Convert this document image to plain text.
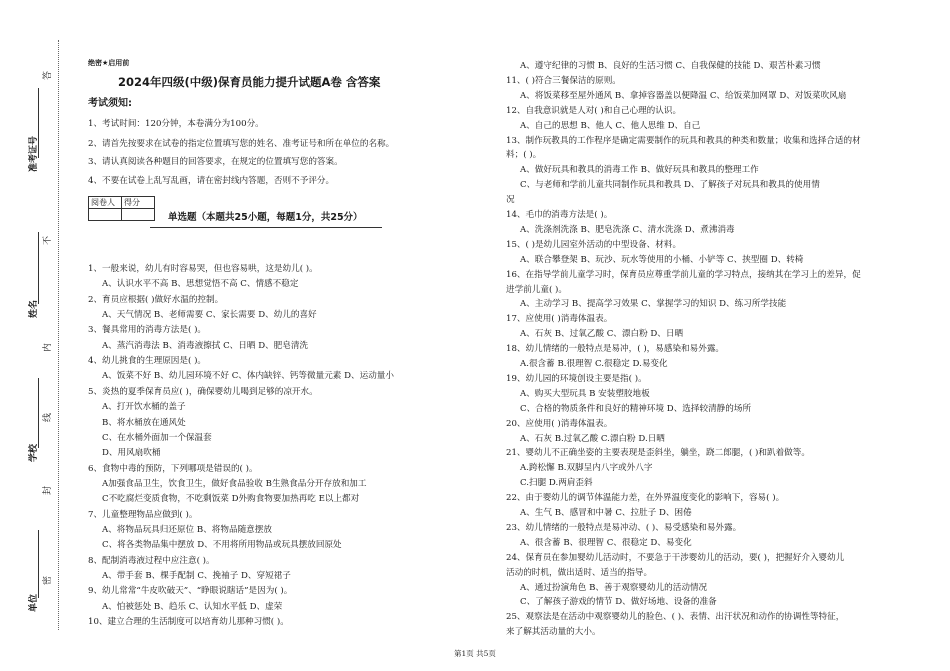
答
不
内
线
封
密
准考证号
姓名
学校
单位
绝密★启用前
2024年四级(中级)保育员能力提升试题A卷 含答案
考试须知:
1、考试时间：120分钟，本卷满分为100分。
2、请首先按要求在试卷的指定位置填写您的姓名、准考证号和所在单位的名称。
3、请认真阅读各种题目的回答要求，在规定的位置填写您的答案。
4、不要在试卷上乱写乱画，请在密封线内答题，否则不予评分。
阅卷人	得分

单选题（本题共25小题，每题1分，共25分）
1、一般来说，幼儿有时容易哭，但也容易哄，这是幼儿( )。
A、认识水平不高 B、思想觉悟不高 C、情感不稳定
2、育员应根据( )做好水温的控制。
A、天气情况 B、老师需要 C、家长需要 D、幼儿的喜好
3、餐具常用的消毒方法是( )。
A、蒸汽消毒法 B、消毒液擦拭 C、日晒 D、肥皂清洗
4、幼儿挑食的生理原因是( )。
A、饭菜不好 B、幼儿园环境不好 C、体内缺锌、钙等微量元素 D、运动量小
5、炎热的夏季保育员应( )，确保婴幼儿喝到足够的凉开水。
A、打开饮水桶的盖子
B、将水桶放在通风处
C、在水桶外面加一个保温套
D、用风扇吹桶
6、食物中毒的预防，下列哪项是错误的( )。
A加强食品卫生，饮食卫生，做好食品验收 B生熟食品分开存放和加工
C不吃腐烂变质食物，不吃剩饭菜 D外购食物要加热再吃 E以上都对
7、儿童整理物品应做到( )。
A、将物品玩具归还原位 B、将物品随意摆放
C、将各类物品集中摆放 D、不用将所用物品或玩具摆放回原处
8、配制消毒液过程中应注意( )。
A、带手套 B、棵手配制 C、挽袖子 D、穿短裙子
9、幼儿常常“牛皮吹破天”、“睁眼说瞎话”是因为( )。
A、怕被惩处 B、趋乐 C、认知水平低 D、虚荣
10、建立合理的生活制度可以培育幼儿那种习惯( )。
A、遵守纪律的习惯 B、良好的生活习惯 C、自我保健的技能 D、艰苦朴素习惯
11、( )符合三餐保洁的原则。
A、将饭菜移至屋外通风 B、拿掉容器盖以便降温 C、给饭菜加网罩 D、对饭菜吹风扇
12、自我意识就是人对( )和自己心理的认识。
A、自己的思想 B、他人 C、他人思维 D、自己
13、制作玩教具的工作程序是确定需要制作的玩具和教具的种类和数量；收集和选择合适的材
料；( )。
A、做好玩具和教具的消毒工作 B、做好玩具和教具的整理工作
C、与老师和学前儿童共同制作玩具和教具 D、了解孩子对玩具和教具的使用情
况
14、毛巾的消毒方法是( )。
A、洗涤剂洗涤 B、肥皂洗涤 C、清水洗涤 D、煮沸消毒
15、( )是幼儿园室外活动的中型设备、材料。
A、联合攀登架 B、玩沙、玩水等使用的小桶、小铲等 C、挟型圈 D、转椅
16、在指导学前儿童学习时，保育员应尊重学前儿童的学习特点，接纳其在学习上的差异，促
进学前儿童( )。
A、主动学习 B、提高学习效果 C、掌握学习的知识 D、练习所学技能
17、应使用( )消毒体温表。
A、石灰 B、过氧乙酸 C、漂白粉 D、日晒
18、幼儿情绪的一般特点是易冲，( )，易感染和易外露。
A.很含蓄 B.很理智 C.很稳定 D.易变化
19、幼儿园的环境创设主要是指( )。
A、购买大型玩具 B 安装塑胶地板
C、合格的物质条件和良好的精神环境 D、选择较清静的场所
20、应使用( )消毒体温表。
A、石灰 B.过氧乙酸 C.漂白粉 D.日晒
21、婴幼儿不正确坐姿的主要表现是歪斜坐，躺坐，跷二郎腿，( )和趴着做等。
A.跨松懈 B.双脚呈内八字或外八字
C.扫腿 D.两肩歪斜
22、由于婴幼儿的调节体温能力差，在外界温度变化的影响下，容易( )。
A、生气 B、感冒和中暑 C、拉肚子 D、困倦
23、幼儿情绪的一般特点是易冲动、( )、易受感染和易外露。
A、很含蓄 B、很理智 C、很稳定 D、易变化
24、保育员在参加婴幼儿活动时，不要急于干涉婴幼儿的活动，要( )，把握好介入婴幼儿
活动的时机，做出适时、适当的指导。
A、通过扮演角色 B、善于观察婴幼儿的活动情况
C、了解孩子游戏的情节 D、做好场地、设备的准备
25、观察法是在活动中观察婴幼儿的脸色、( )、表情、出汗状况和动作的协调性等特征，
来了解其活动量的大小。
第1页 共5页
